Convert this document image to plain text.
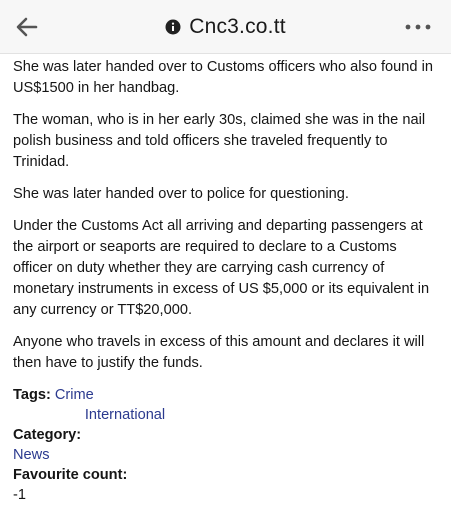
Cnc3.co.tt

She was later handed over to Customs officers who also found in US$1500 in her handbag.

The woman, who is in her early 30s, claimed she was in the nail polish business and told officers she traveled frequently to Trinidad.

She was later handed over to police for questioning.

Under the Customs Act all arriving and departing passengers at the airport or seaports are required to declare to a Customs officer on duty whether they are carrying cash currency of monetary instruments in excess of US $5,000 or its equivalent in any currency or TT$20,000.

Anyone who travels in excess of this amount and declares it will then have to justify the funds.

Tags: Crime
International
Category:
News
Favourite count:
-1
